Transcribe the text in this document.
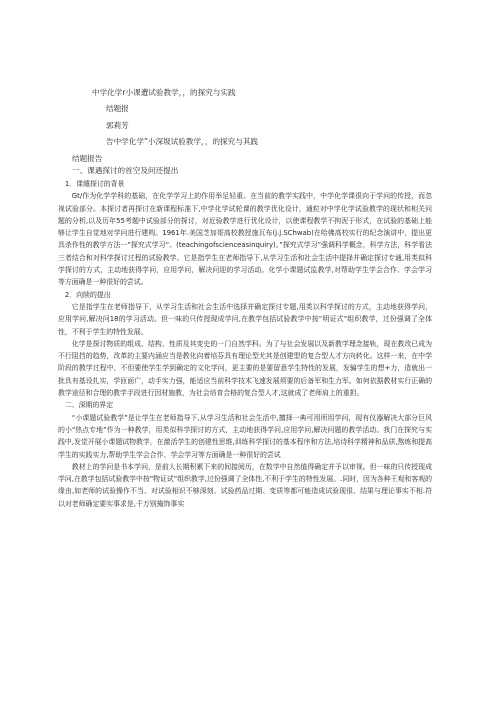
中学化学r小课遭试验教学，，的探究与实践
结题报
郭莉芳
告中学化学”小深圾试验教学，，的探究与其践
结题报告
一、课遇探讨的首空及问还提出

1．课缱探讨的背景

Gt/作为化学学科的基础，在化学学习上的作用举足轻重。在当前的教学实践中，中学化学课很向于学问的传授，而忽视试验部分。本探讨者再探讨在新课程标准下,中学化学试轮课的教学优化设计，通粒对中学化学试验教学的现状和相关问题的分析,以及历年55考题中试验部分的探讨，对近验教学进行优化设计，以使课程教学不拘泥于形式，在试验的基础上能够让学生自觉地对学问进行建构。1961年.美国芝加哥高校教授施瓦布(j.j.SChwab)在哈佛高校实行的纪念演讲中，提出更具杀作性的教学方法一”探究式学习“。(teachingofscienceasinquiry)。”探究式学习”强调科学概念，科学方法，科学看法三者结合和对科学探讨过程的试验教学。它是指学生在老师指导下,从学习生活和社会生活中提择并确定探讨专通,用类似科学探讨的方式，主动地获得学问，应用学问，解决问迎的学习活动。化学小课题试监教学,对帮助学生学会合作、学会学习等方面确是一种很好的尝试。

2．向牍的提出

它是指学生在老师指导下，从学习生活和社会生活中选择并确定探讨专题,用类以科学探讨的方式，主动地获得学问，应用学问,解决问18的学习活动。但一味的只传授现成学问,在教学包括试验教学中按“明证式”组织教学，过份强调了全体性，不利于学生的特性发展。

化学是探讨物质的组成、结构、性质及其变史的一门自然学科。为了与社会发展以及新教学理念接轨，现在教改已成为不行阻挡的趋势，改革的主要内涵应当是教化向着培芬具有理论型尤其是创建型的复合型人才方向转化。这样一来，在中学阶段的教学过程中，不但要使学生学到确定的文化学问，更主要的是要留意学生特性的发展，发骗学生的想+力，造就出一批具有基设扎实，学匝面广，动手实力强，能适应当前科学技术飞速发展须要的后备军和生力军。如何依据教材实行正确的教学途径和合理的教学手段进行因材施教，为社会培育合格的复合型人才,这就成了老师肩上的重担。

二、深期的界定

“小课题试验教学”是让学生在老师指导下,从学习生活和社会生活中,擅择一典可用所用学问，现有仪器解决大部分巨风的小"热点专地”作为一种教学，用类似科学探讨的方式，主动地获得学问,应用学问,解决问题的教学活动。我门在探究与实践中,发觉开展小课题试物教学，在激活学生的创建性思维,训练科学探讨的基本程序和方法,培诗科学精神和品质,熬炼和提高学生的实践实力,帮助学生学会合作、学会学习等方面确是一种很好的尝试

教材上的学问是书本学问，是前人长期积累下来的间接阅历，在数学中自然值得确定并予以审视。但一味的只传授现成学问,在教学包括试验教学中按"物证试”组织教学,过份强调了全体性,不利于学生的特性发展。.同时，因为各种王观和客观的缘由,如老师的试验操作不当、对试验相识不够深刻、试验药品过期、变质等都可能造成试验现很、结果与理论事实不相.符以对老师确定要实事求是,千万别掩饰事实
